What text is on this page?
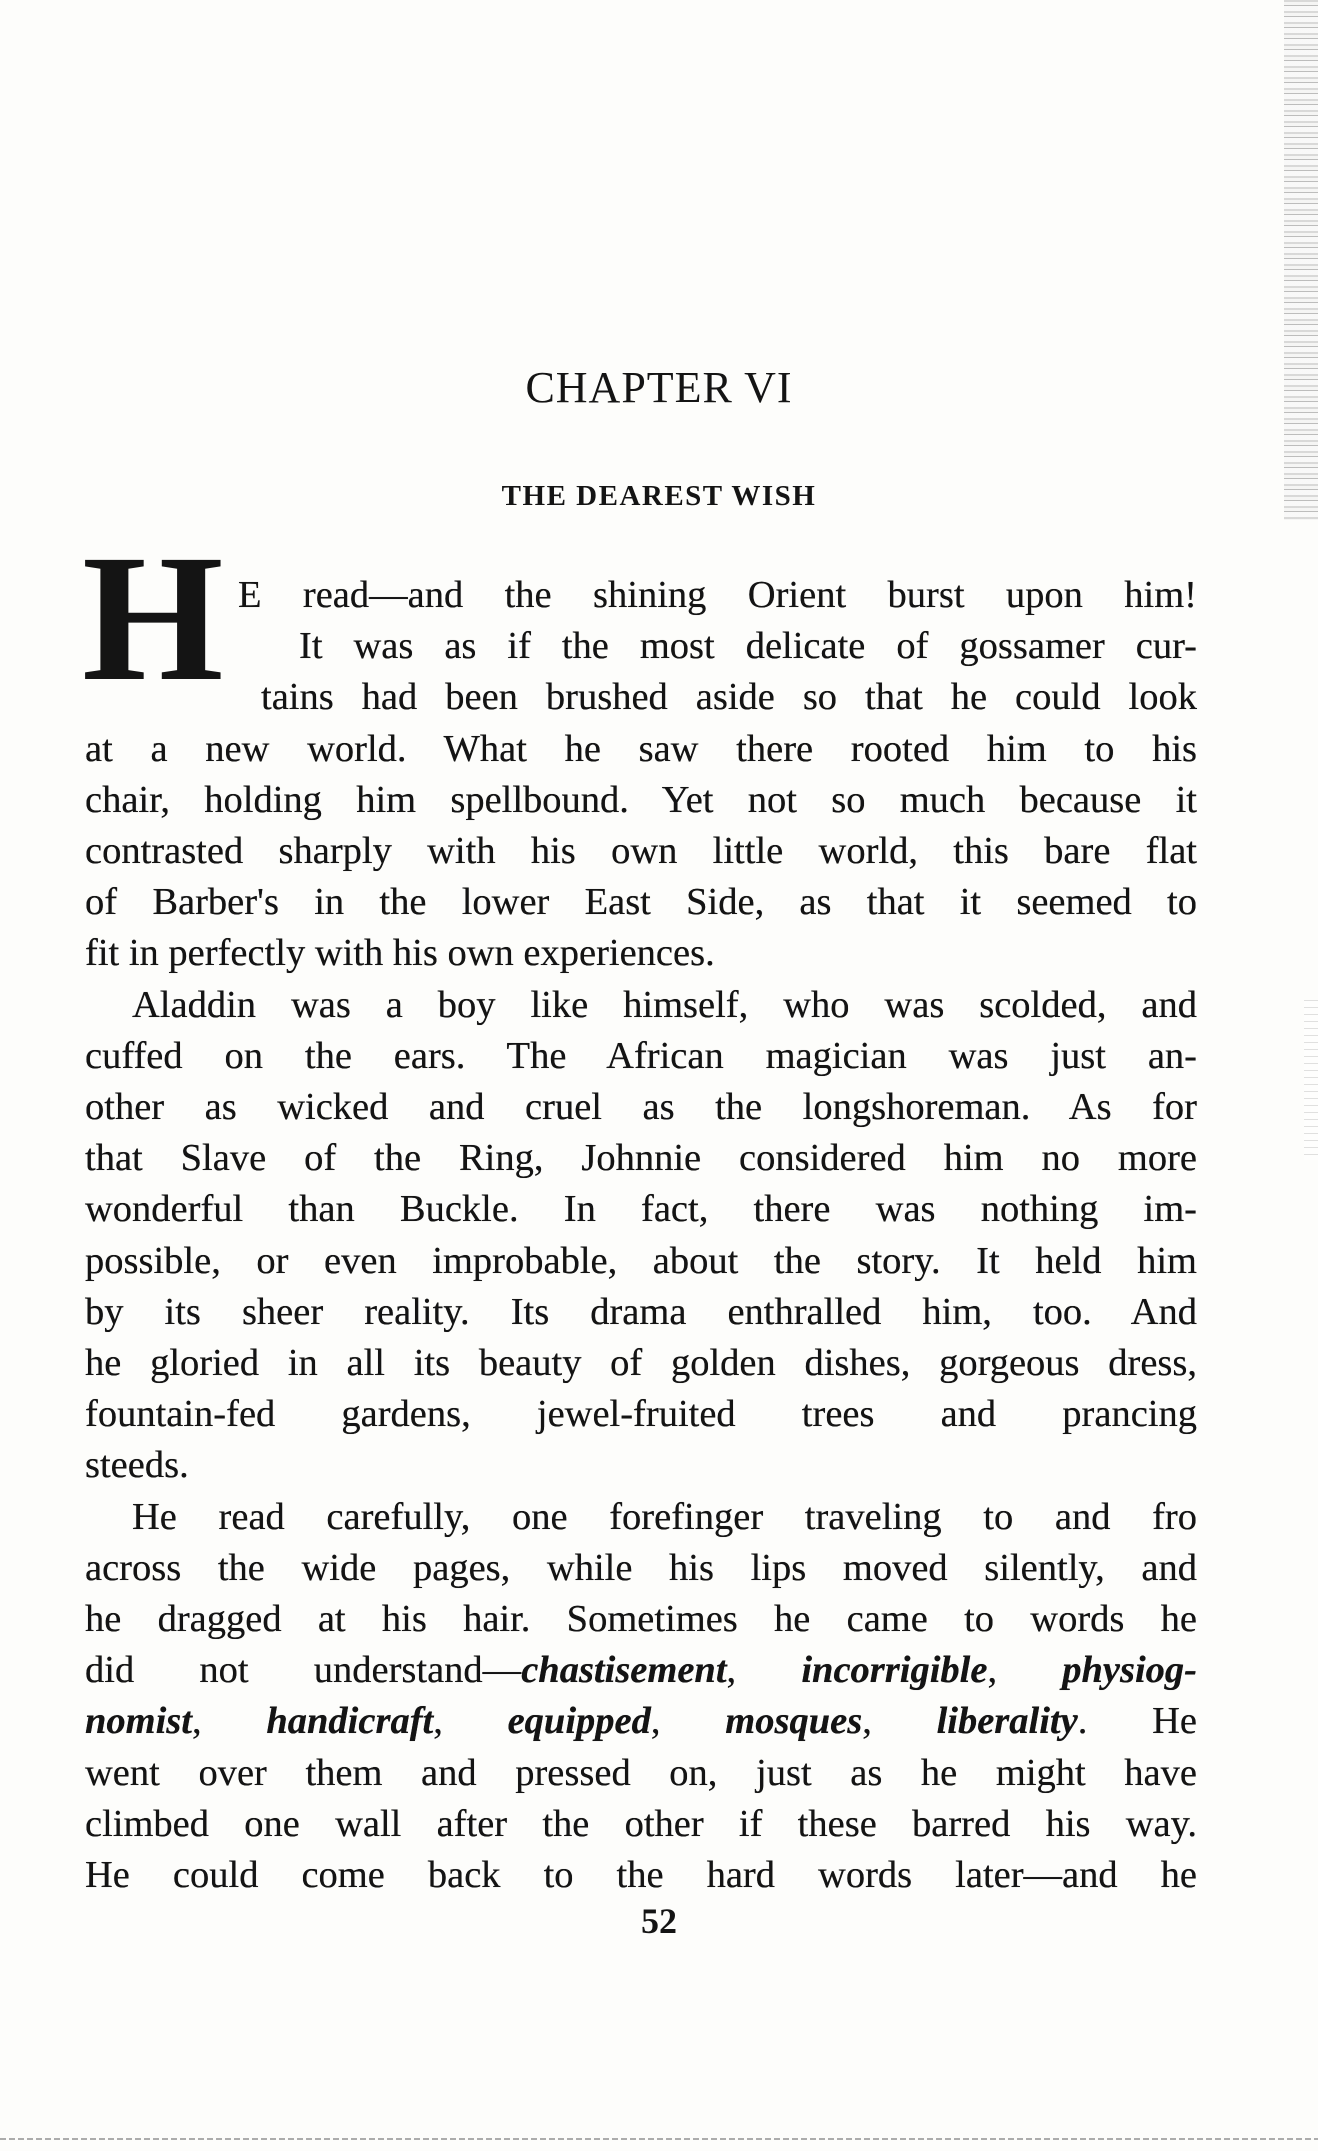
CHAPTER VI
THE DEAREST WISH
H E read—and the shining Orient burst upon him!
It was as if the most delicate of gossamer cur-
tains had been brushed aside so that he could look
at a new world. What he saw there rooted him to his
chair, holding him spellbound. Yet not so much because it
contrasted sharply with his own little world, this bare flat
of Barber's in the lower East Side, as that it seemed to
fit in perfectly with his own experiences.
Aladdin was a boy like himself, who was scolded, and
cuffed on the ears. The African magician was just an-
other as wicked and cruel as the longshoreman. As for
that Slave of the Ring, Johnnie considered him no more
wonderful than Buckle. In fact, there was nothing im-
possible, or even improbable, about the story. It held him
by its sheer reality. Its drama enthralled him, too. And
he gloried in all its beauty of golden dishes, gorgeous dress,
fountain-fed gardens, jewel-fruited trees and prancing
steeds.
He read carefully, one forefinger traveling to and fro
across the wide pages, while his lips moved silently, and
he dragged at his hair. Sometimes he came to words he
did not understand—chastisement, incorrigible, physiog-
nomist, handicraft, equipped, mosques, liberality. He
went over them and pressed on, just as he might have
climbed one wall after the other if these barred his way.
He could come back to the hard words later—and he
52
